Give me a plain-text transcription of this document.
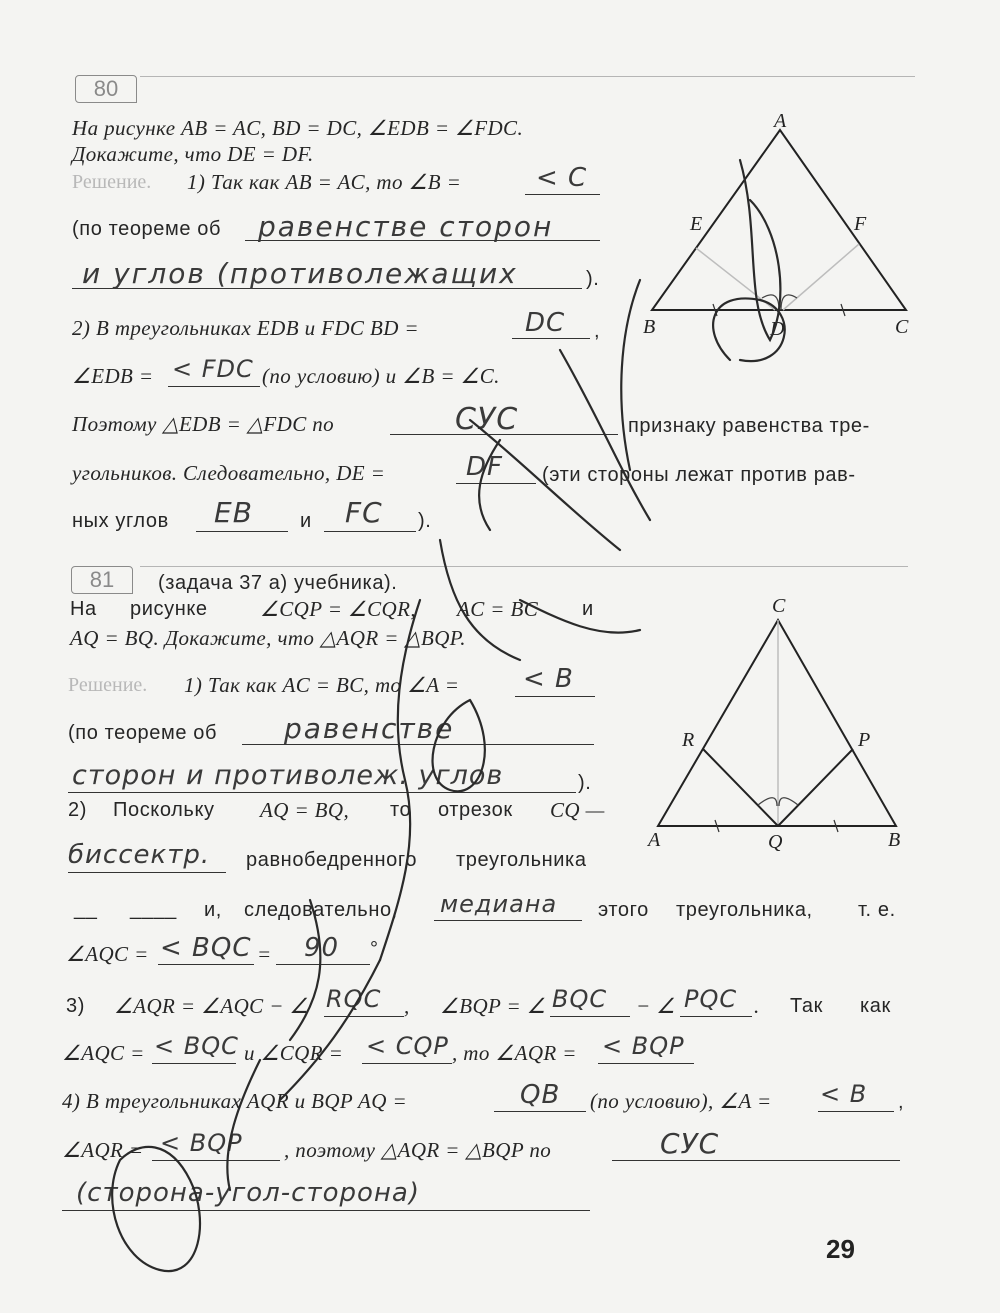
80
На рисунке AB = AC, BD = DC, ∠EDB = ∠FDC.
Докажите, что DE = DF.
Решение. 1) Так как AB = AC, то ∠B =	< C
(по теореме об равенстве сторон
и углов (противолежащих	).
2) В треугольниках EDB и FDC BD =	DC ,
∠EDB = < FDC (по условию) и ∠B = ∠C.
Поэтому △EDB = △FDC по	СУС	признаку равенства тре-
угольников. Следовательно, DE =	DF (эти стороны лежат против рав-
ных углов EB и FC ).
A
B	C
D
E	F
81	(задача 37 а) учебника).
На рисунке ∠CQP = ∠CQR, AC = BC и
AQ = BQ. Докажите, что △AQR = △BQP.
Решение. 1) Так как AC = BC, то ∠A = < B
(по теореме об равенстве
сторон и противолеж. углов	).
2) Поскольку AQ = BQ, то отрезок CQ —
биссектр. равнобедренного треугольника
__ ____ и, следовательно, медиана этого треугольника, т. е.
∠AQC = < BQC = 90 °
3) ∠AQR = ∠AQC − ∠ RQC , ∠BQP = ∠ BQC − ∠ PQC . Так как
∠AQC = < BQC и ∠CQR = < CQP , то ∠AQR = < BQP
4) В треугольниках AQR и BQP AQ =	QB (по условию), ∠A = < B ,
∠AQR = < BQP , поэтому △AQR = △BQP по	СУС
(сторона-угол-сторона)
C
A	B
Q
R	P
29
